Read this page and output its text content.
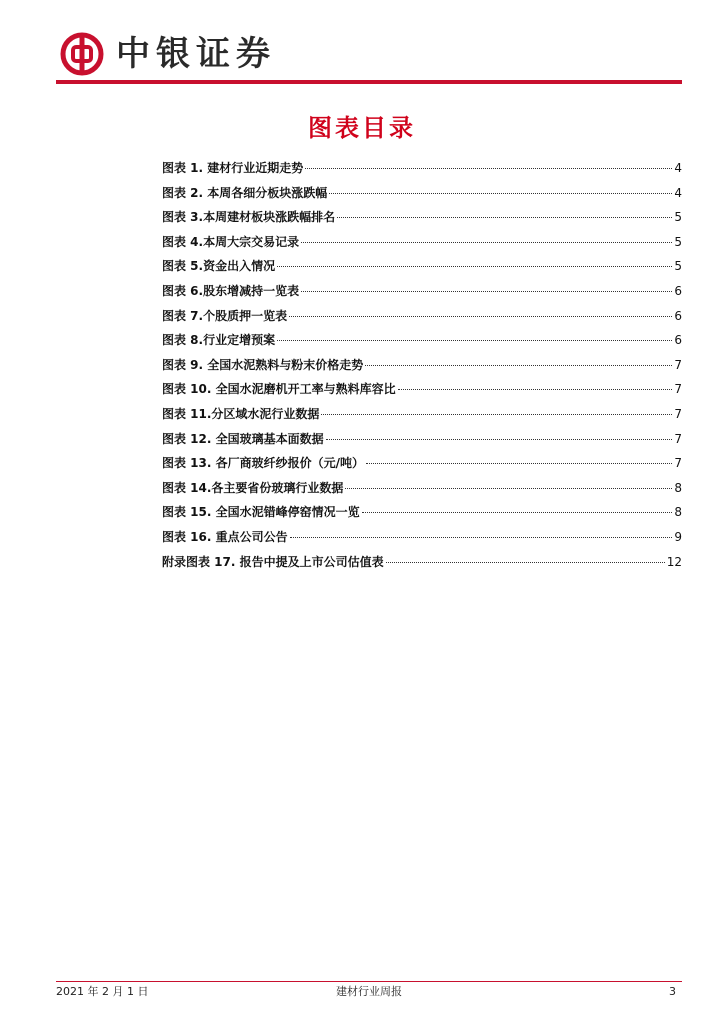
中银证券
图表目录
图表 1. 建材行业近期走势	4
图表 2. 本周各细分板块涨跌幅	4
图表 3.本周建材板块涨跌幅排名	5
图表 4.本周大宗交易记录	5
图表 5.资金出入情况	5
图表 6.股东增减持一览表	6
图表 7.个股质押一览表	6
图表 8.行业定增预案	6
图表 9. 全国水泥熟料与粉末价格走势	7
图表 10. 全国水泥磨机开工率与熟料库容比	7
图表 11.分区域水泥行业数据	7
图表 12. 全国玻璃基本面数据	7
图表 13. 各厂商玻纤纱报价（元/吨）	7
图表 14.各主要省份玻璃行业数据	8
图表 15. 全国水泥错峰停窑情况一览	8
图表 16. 重点公司公告	9
附录图表 17. 报告中提及上市公司估值表	12
2021 年 2 月 1 日	建材行业周报	3
